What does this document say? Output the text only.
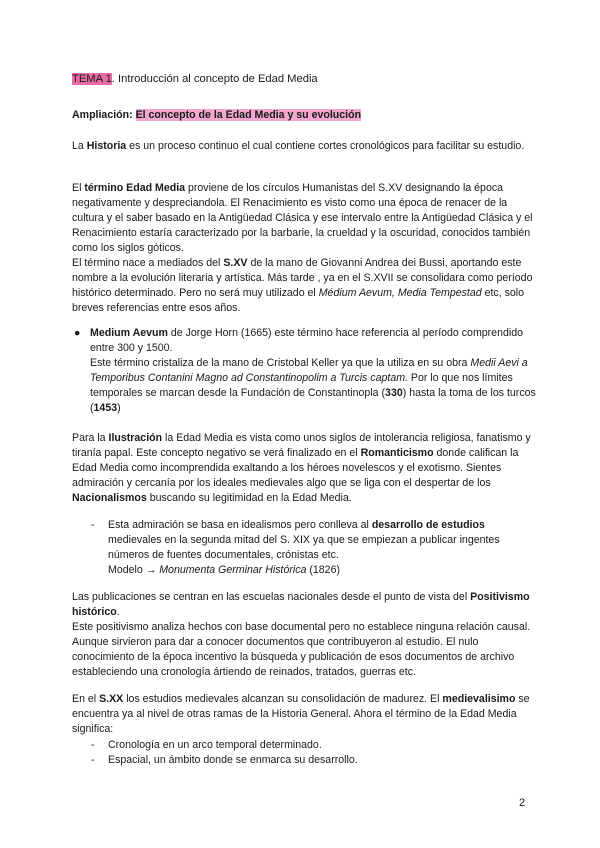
TEMA 1. Introducción al concepto de Edad Media

Ampliación: El concepto de la Edad Media y su evolución

La Historia es un proceso continuo el cual contiene cortes cronológicos para facilitar su estudio.

El término Edad Media proviene de los círculos Humanistas del S.XV designando la época negativamente y despreciandola. El Renacimiento es visto como una época de renacer de la cultura y el saber basado en la Antigüedad Clásica y ese intervalo entre la Antigüedad Clásica y el Renacimiento estaría caracterizado por la barbarie, la crueldad y la oscuridad, conocidos también como los siglos góticos.
El término nace a mediados del S.XV de la mano de Giovanni Andrea dei Bussi, aportando este nombre a la evolución literaria y artística. Más tarde , ya en el S.XVII se consolidara como período histórico determinado. Pero no será muy utilizado el Médium Aevum, Media Tempestad etc, solo breves referencias entre esos años.

● Medium Aevum de Jorge Horn (1665) este término hace referencia al período comprendido entre 300 y 1500.
Este término cristaliza de la mano de Cristobal Keller ya que la utiliza en su obra Medii Aevi a Temporibus Contanini Magno ad Constantinopolim a Turcis captam. Por lo que nos límites temporales se marcan desde la Fundación de Constantinopla (330) hasta la toma de los turcos (1453)

Para la Ilustración la Edad Media es vista como unos siglos de intolerancia religiosa, fanatismo y tiranía papal. Este concepto negativo se verá finalizado en el Romanticismo donde califican la Edad Media como incomprendida exaltando a los héroes novelescos y el exotismo. Sientes admiración y cercanía por los ideales medievales algo que se liga con el despertar de los Nacionalismos buscando su legitimidad en la Edad Media.

- Esta admiración se basa en idealismos pero conlleva al desarrollo de estudios medievales en la segunda mitad del S. XIX ya que se empiezan a publicar ingentes números de fuentes documentales, crónistas etc.
Modelo → Monumenta Germinar Histórica (1826)

Las publicaciones se centran en las escuelas nacionales desde el punto de vista del Positivismo histórico.
Este positivismo analiza hechos con base documental pero no establece ninguna relación causal. Aunque sirvieron para dar a conocer documentos que contribuyeron al estudio. El nulo conocimiento de la época incentivo la búsqueda y publicación de esos documentos de archivo estableciendo una cronología ártiendo de reinados, tratados, guerras etc.

En el S.XX los estudios medievales alcanzan su consolidación de madurez. El medievalisimo se encuentra ya al nivel de otras ramas de la Historia General. Ahora el término de la Edad Media significa:

- Cronología en un arco temporal determinado.
- Espacial, un ámbito donde se enmarca su desarrollo.
2
